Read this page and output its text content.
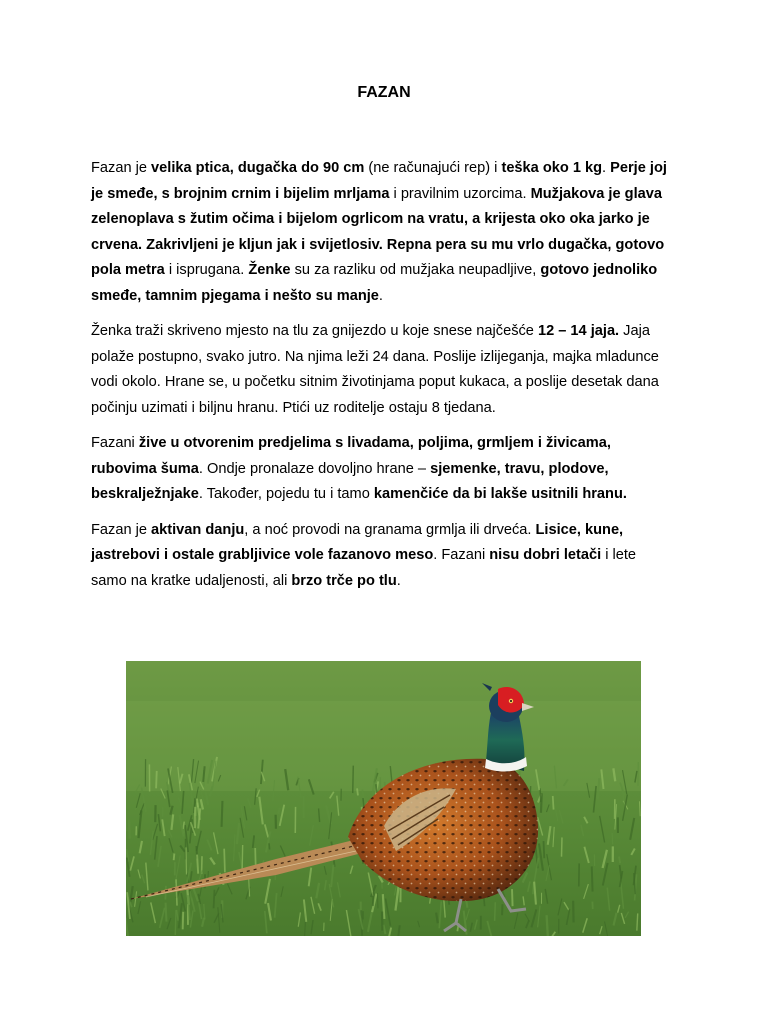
FAZAN

Fazan je velika ptica, dugačka do 90 cm (ne računajući rep) i teška oko 1 kg. Perje joj je smeđe, s brojnim crnim i bijelim mrljama i pravilnim uzorcima. Mužjakova je glava zelenoplava s žutim očima i bijelom ogrlicom na vratu, a krijesta oko oka jarko je crvena. Zakrivljeni je kljun jak i svijetlosiv. Repna pera su mu vrlo dugačka, gotovo pola metra i isprugana. Ženke su za razliku od mužjaka neupadljive, gotovo jednoliko smeđe, tamnim pjegama i nešto su manje.

Ženka traži skriveno mjesto na tlu za gnijezdo u koje snese najčešće 12 – 14 jaja. Jaja polaže postupno, svako jutro. Na njima leži 24 dana. Poslije izlijeganja, majka mladunce vodi okolo. Hrane se, u početku sitnim životinjama poput kukaca, a poslije desetak dana počinju uzimati i biljnu hranu. Ptići uz roditelje ostaju 8 tjedana.

Fazani žive u otvorenim predjelima s livadama, poljima, grmljem i živicama, rubovima šuma. Ondje pronalaze dovoljno hrane – sjemenke, travu, plodove, beskralježnjake. Također, pojedu tu i tamo kamenčiće da bi lakše usitnili hranu.

Fazan je aktivan danju, a noć provodi na granama grmlja ili drveća. Lisice, kune, jastrebovi i ostale grabljivice vole fazanovo meso. Fazani nisu dobri letači i lete samo na kratke udaljenosti, ali brzo trče po tlu.
